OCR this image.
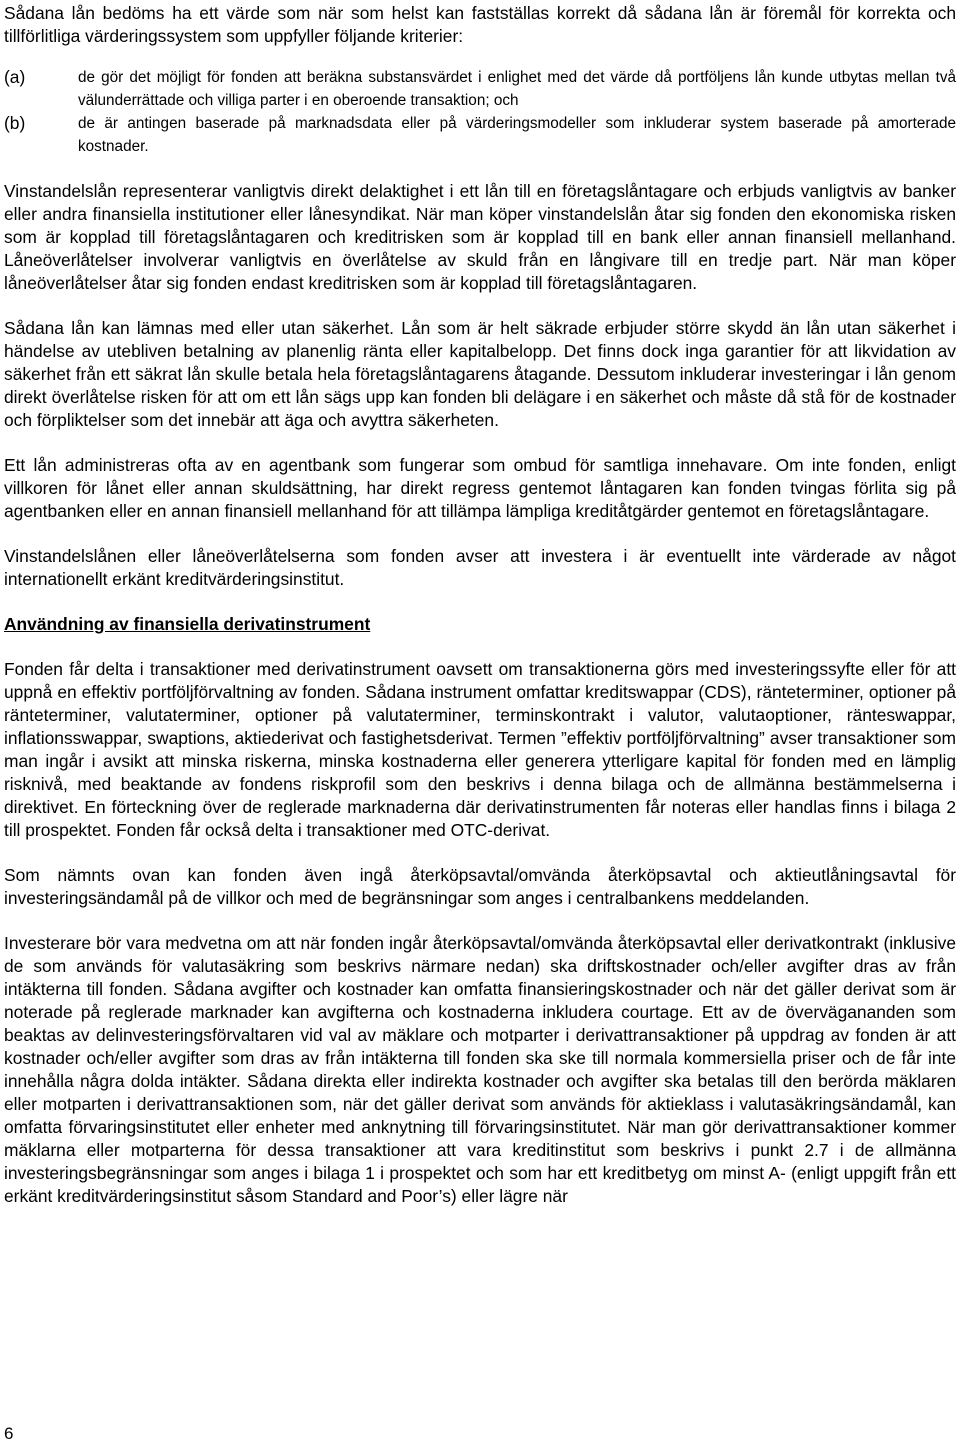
Sådana lån bedöms ha ett värde som när som helst kan fastställas korrekt då sådana lån är föremål för korrekta och tillförlitliga värderingssystem som uppfyller följande kriterier:

(a)	de gör det möjligt för fonden att beräkna substansvärdet i enlighet med det värde då portföljens lån kunde utbytas mellan två välunderrättade och villiga parter i en oberoende transaktion; och

(b)	de är antingen baserade på marknadsdata eller på värderingsmodeller som inkluderar system baserade på amorterade kostnader.

Vinstandelslån representerar vanligtvis direkt delaktighet i ett lån till en företagslåntagare och erbjuds vanligtvis av banker eller andra finansiella institutioner eller lånesyndikat. När man köper vinstandelslån åtar sig fonden den ekonomiska risken som är kopplad till företagslåntagaren och kreditrisken som är kopplad till en bank eller annan finansiell mellanhand. Låneöverlåtelser involverar vanligtvis en överlåtelse av skuld från en långivare till en tredje part. När man köper låneöverlåtelser åtar sig fonden endast kreditrisken som är kopplad till företagslåntagaren.

Sådana lån kan lämnas med eller utan säkerhet. Lån som är helt säkrade erbjuder större skydd än lån utan säkerhet i händelse av utebliven betalning av planenlig ränta eller kapitalbelopp. Det finns dock inga garantier för att likvidation av säkerhet från ett säkrat lån skulle betala hela företagslåntagarens åtagande. Dessutom inkluderar investeringar i lån genom direkt överlåtelse risken för att om ett lån sägs upp kan fonden bli delägare i en säkerhet och måste då stå för de kostnader och förpliktelser som det innebär att äga och avyttra säkerheten.

Ett lån administreras ofta av en agentbank som fungerar som ombud för samtliga innehavare. Om inte fonden, enligt villkoren för lånet eller annan skuldsättning, har direkt regress gentemot låntagaren kan fonden tvingas förlita sig på agentbanken eller en annan finansiell mellanhand för att tillämpa lämpliga kreditåtgärder gentemot en företagslåntagare.

Vinstandelslånen eller låneöverlåtelserna som fonden avser att investera i är eventuellt inte värderade av något internationellt erkänt kreditvärderingsinstitut.

Användning av finansiella derivatinstrument

Fonden får delta i transaktioner med derivatinstrument oavsett om transaktionerna görs med investeringssyfte eller för att uppnå en effektiv portföljförvaltning av fonden. Sådana instrument omfattar kreditswappar (CDS), ränteterminer, optioner på ränteterminer, valutaterminer, optioner på valutaterminer, terminskontrakt i valutor, valutaoptioner, ränteswappar, inflationsswappar, swaptions, aktiederivat och fastighetsderivat. Termen ”effektiv portföljförvaltning” avser transaktioner som man ingår i avsikt att minska riskerna, minska kostnaderna eller generera ytterligare kapital för fonden med en lämplig risknivå, med beaktande av fondens riskprofil som den beskrivs i denna bilaga och de allmänna bestämmelserna i direktivet. En förteckning över de reglerade marknaderna där derivatinstrumenten får noteras eller handlas finns i bilaga 2 till prospektet. Fonden får också delta i transaktioner med OTC-derivat.

Som nämnts ovan kan fonden även ingå återköpsavtal/omvända återköpsavtal och aktieutlåningsavtal för investeringsändamål på de villkor och med de begränsningar som anges i centralbankens meddelanden.

Investerare bör vara medvetna om att när fonden ingår återköpsavtal/omvända återköpsavtal eller derivatkontrakt (inklusive de som används för valutasäkring som beskrivs närmare nedan) ska driftskostnader och/eller avgifter dras av från intäkterna till fonden. Sådana avgifter och kostnader kan omfatta finansieringskostnader och när det gäller derivat som är noterade på reglerade marknader kan avgifterna och kostnaderna inkludera courtage. Ett av de övervägananden som beaktas av delinvesteringsförvaltaren vid val av mäklare och motparter i derivattransaktioner på uppdrag av fonden är att kostnader och/eller avgifter som dras av från intäkterna till fonden ska ske till normala kommersiella priser och de får inte innehålla några dolda intäkter. Sådana direkta eller indirekta kostnader och avgifter ska betalas till den berörda mäklaren eller motparten i derivattransaktionen som, när det gäller derivat som används för aktieklass i valutasäkringsändamål, kan omfatta förvaringsinstitutet eller enheter med anknytning till förvaringsinstitutet. När man gör derivattransaktioner kommer mäklarna eller motparterna för dessa transaktioner att vara kreditinstitut som beskrivs i punkt 2.7 i de allmänna investeringsbegränsningar som anges i bilaga 1 i prospektet och som har ett kreditbetyg om minst A- (enligt uppgift från ett erkänt kreditvärderingsinstitut såsom Standard and Poor’s) eller lägre när

6
